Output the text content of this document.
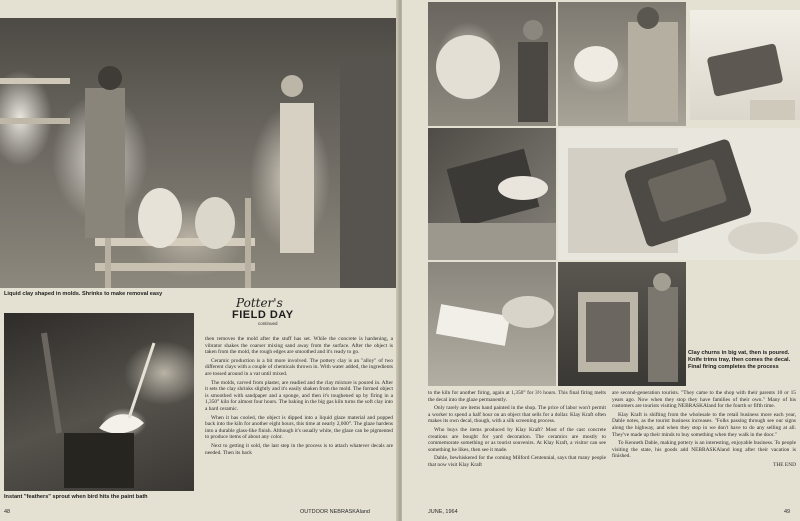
Liquid clay shaped in molds. Shrinks to make removal easy
Instant "feathers" sprout when bird hits the paint bath
Potter's
FIELD DAY
continued

then removes the mold after the stuff has set. While the concrete is hardening, a vibrator shakes the coarser mixing sand away from the surface. After the object is taken from the mold, the rough edges are smoothed and it's ready to go.

Ceramic production is a bit more involved. The pottery clay is an "alloy" of two different clays with a couple of chemicals thrown in. With water added, the ingredients are tossed around in a vat until mixed.

The molds, carved from plaster, are readied and the clay mixture is poured in. After it sets the clay shrinks slightly and it's easily shaken from the mold. The formed object is smoothed with sandpaper and a sponge, and then it's toughened up by firing in a 1,350° kiln for almost four hours. The baking in the big gas kiln turns the soft clay into a hard ceramic.

When it has cooled, the object is dipped into a liquid glaze material and popped back into the kiln for another eight hours, this time at nearly 2,000°. The glaze hardens into a durable glass-like finish. Although it's usually white, the glaze can be pigmented to produce items of about any color.

Next to getting it sold, the last step in the process is to attach whatever decals are needed. Then its back

48	OUTDOOR NEBRASKAland
Clay churns in big vat, then is poured. Knife trims tray, then comes the decal. Final firing completes the process

to the kiln for another firing, again at 1,350° for 3½ hours. This final firing melts the decal into the glaze permanently.

Only rarely are items hand painted in the shop. The price of labor won't permit a worker to spend a half hour on an object that sells for a dollar. Klay Kraft often makes its own decal, though, with a silk screening process.

Who buys the items produced by Klay Kraft? Most of the cast concrete creations are bought for yard decoration. The ceramics are mostly to commemorate something or as tourist souvenirs. At Klay Kraft, a visitor can see something he likes, then see it made.

Dahle, bewhiskered for the coming Milford Centennial, says that many people that now visit Klay Kraft

are second-generation tourists. "They came to the shop with their parents 10 or 15 years ago. Now when they stop they have families of their own." Many of his customers are tourists visiting NEBRASKAland for the fourth or fifth time.

Klay Kraft is shifting from the wholesale to the retail business more each year, Dahle notes, as the tourist business increases. "Folks passing through see our signs along the highway, and when they stop in we don't have to do any selling at all. They've made up their minds to buy something when they walk in the door."

To Kenneth Dahle, making pottery is an interesting, enjoyable business. To people visiting the state, his goods add NEBRASKAland long after their vacation is finished.

THE END
JUNE, 1964	49
